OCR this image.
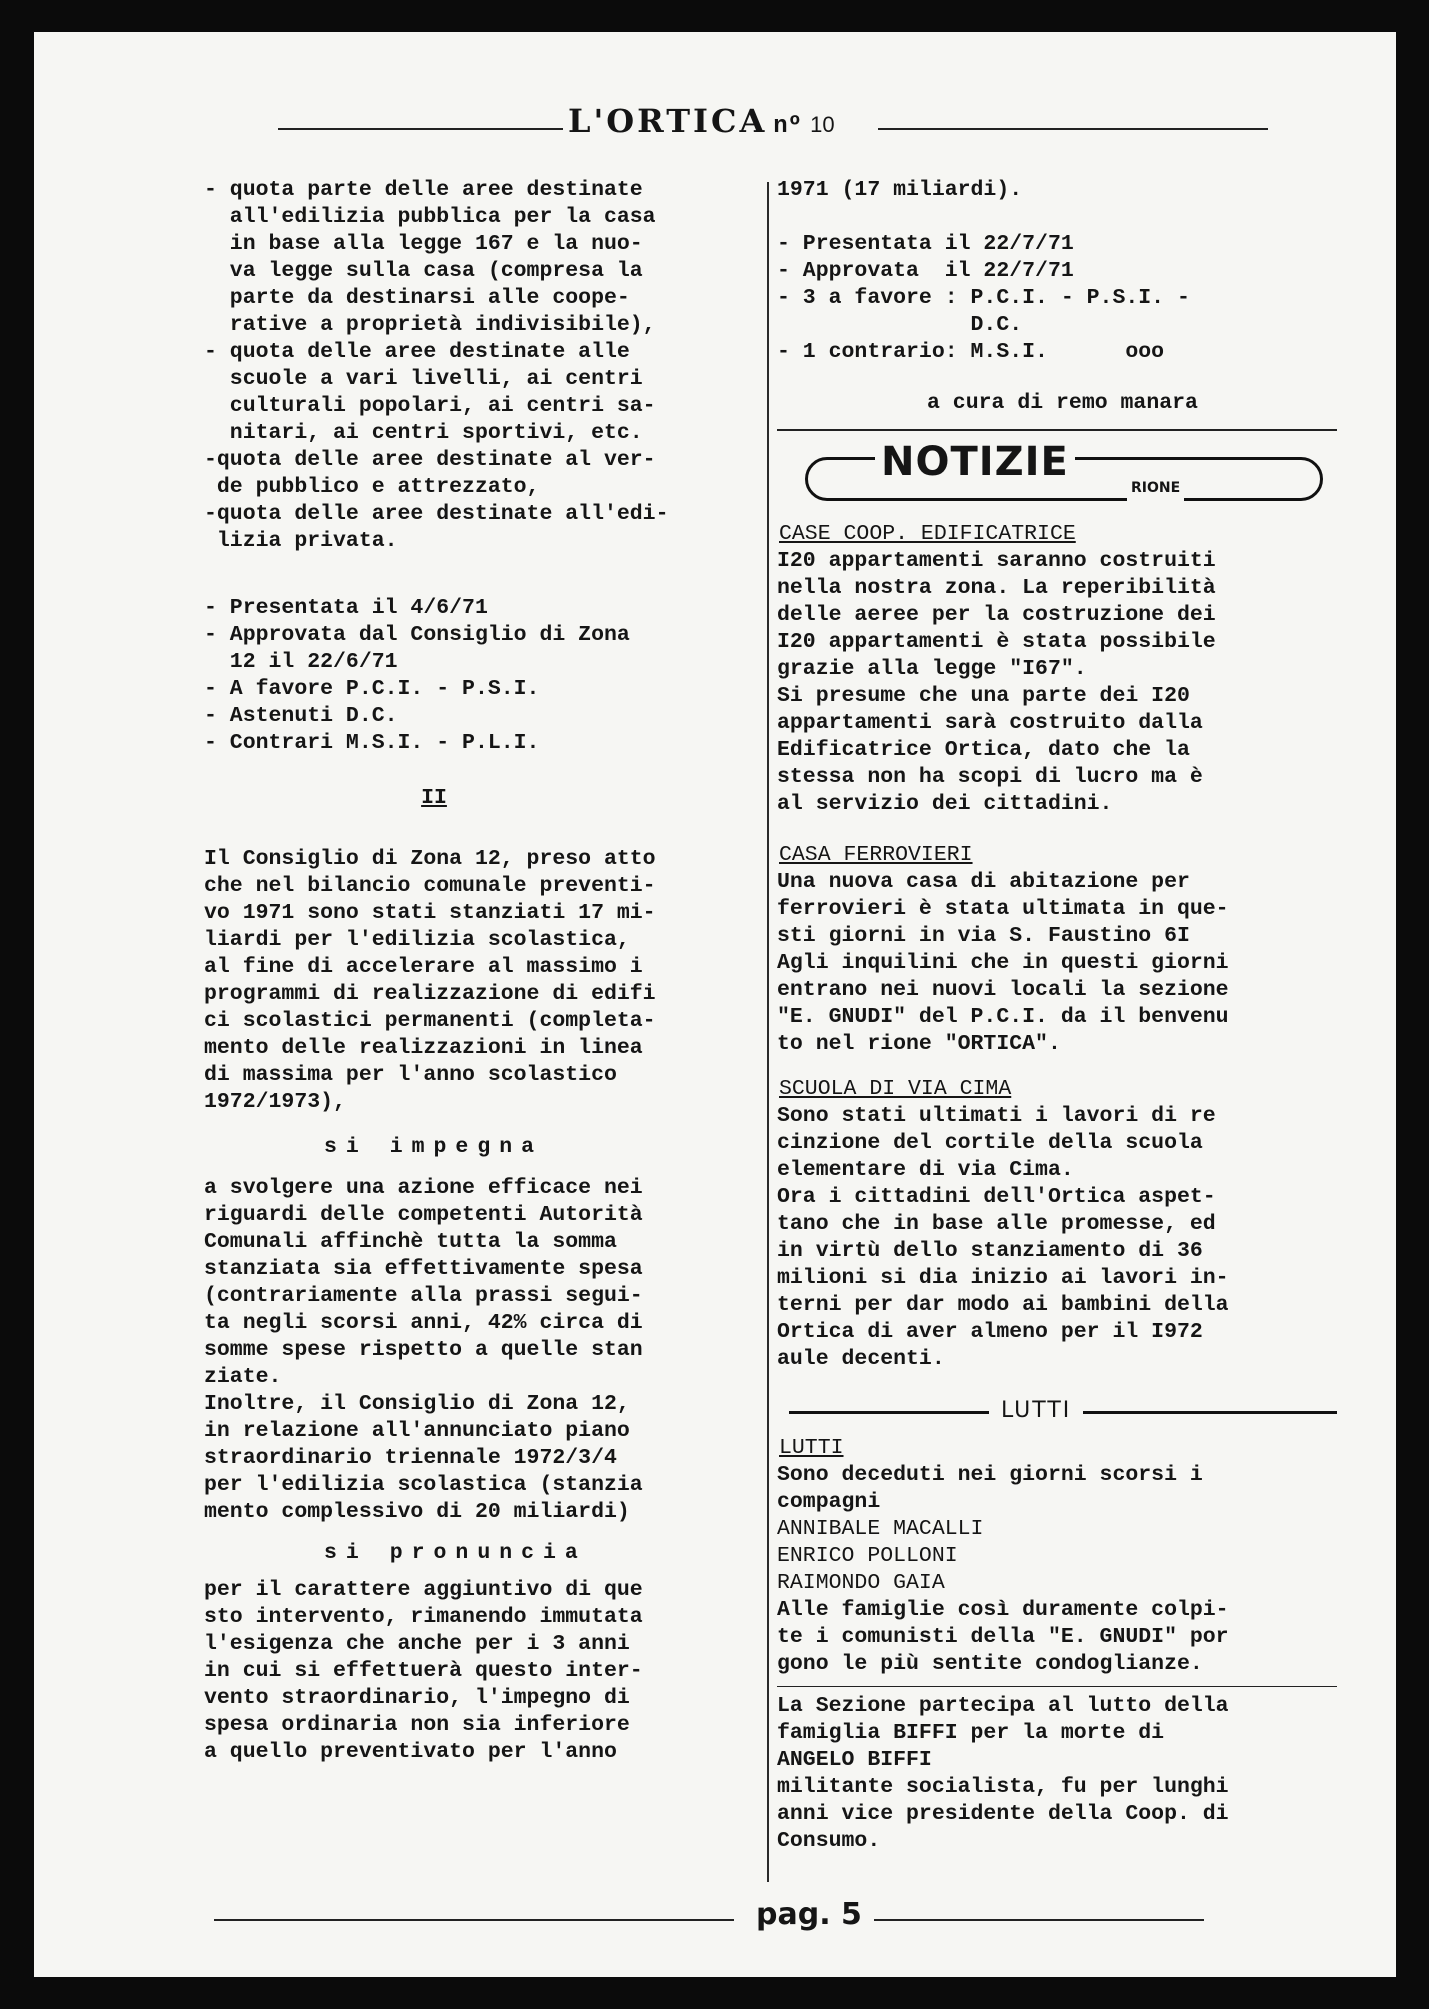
L'ORTICA nº 10
- quota parte delle aree destinate
all'edilizia pubblica per la casa
in base alla legge 167 e la nuo-
va legge sulla casa (compresa la
parte da destinarsi alle coope-
rative a proprietà indivisibile),
- quota delle aree destinate alle
scuole a vari livelli, ai centri
culturali popolari, ai centri sa-
nitari, ai centri sportivi, etc.
-quota delle aree destinate al ver-
de pubblico e attrezzato,
-quota delle aree destinate all'edi-
lizia privata.
- Presentata il 4/6/71
- Approvata dal Consiglio di Zona
12 il 22/6/71
- A favore P.C.I. - P.S.I.
- Astenuti D.C.
- Contrari M.S.I. - P.L.I.
II
Il Consiglio di Zona 12, preso atto
che nel bilancio comunale preventi-
vo 1971 sono stati stanziati 17 mi-
liardi per l'edilizia scolastica,
al fine di accelerare al massimo i
programmi di realizzazione di edifi
ci scolastici permanenti (completa-
mento delle realizzazioni in linea
di massima per l'anno scolastico
1972/1973),
si impegna
a svolgere una azione efficace nei
riguardi delle competenti Autorità
Comunali affinchè tutta la somma
stanziata sia effettivamente spesa
(contrariamente alla prassi segui-
ta negli scorsi anni, 42% circa di
somme spese rispetto a quelle stan
ziate.
Inoltre, il Consiglio di Zona 12,
in relazione all'annunciato piano
straordinario triennale 1972/3/4
per l'edilizia scolastica (stanzia
mento complessivo di 20 miliardi)
si pronuncia
per il carattere aggiuntivo di que
sto intervento, rimanendo immutata
l'esigenza che anche per i 3 anni
in cui si effettuerà questo inter-
vento straordinario, l'impegno di
spesa ordinaria non sia inferiore
a quello preventivato per l'anno
1971 (17 miliardi).

- Presentata il 22/7/71
- Approvata  il 22/7/71
- 3 a favore : P.C.I. - P.S.I. -
D.C.
- 1 contrario: M.S.I.      ooo
a cura di remo manara
NOTIZIE
RIONE
CASE COOP. EDIFICATRICE
I20 appartamenti saranno costruiti
nella nostra zona. La reperibilità
delle aeree per la costruzione dei
I20 appartamenti è stata possibile
grazie alla legge "I67".
Si presume che una parte dei I20
appartamenti sarà costruito dalla
Edificatrice Ortica, dato che la
stessa non ha scopi di lucro ma è
al servizio dei cittadini.
CASA FERROVIERI
Una nuova casa di abitazione per
ferrovieri è stata ultimata in que-
sti giorni in via S. Faustino 6I
Agli inquilini che in questi giorni
entrano nei nuovi locali la sezione
"E. GNUDI" del P.C.I. da il benvenu
to nel rione "ORTICA".
SCUOLA DI VIA CIMA
Sono stati ultimati i lavori di re
cinzione del cortile della scuola
elementare di via Cima.
Ora i cittadini dell'Ortica aspet-
tano che in base alle promesse, ed
in virtù dello stanziamento di 36
milioni si dia inizio ai lavori in-
terni per dar modo ai bambini della
Ortica di aver almeno per il I972
aule decenti.
LUTTI
LUTTI
Sono deceduti nei giorni scorsi i
compagni
ANNIBALE MACALLI
ENRICO POLLONI
RAIMONDO GAIA
Alle famiglie così duramente colpi-
te i comunisti della "E. GNUDI" por
gono le più sentite condoglianze.
La Sezione partecipa al lutto della
famiglia BIFFI per la morte di
ANGELO BIFFI
militante socialista, fu per lunghi
anni vice presidente della Coop. di
Consumo.
pag. 5
